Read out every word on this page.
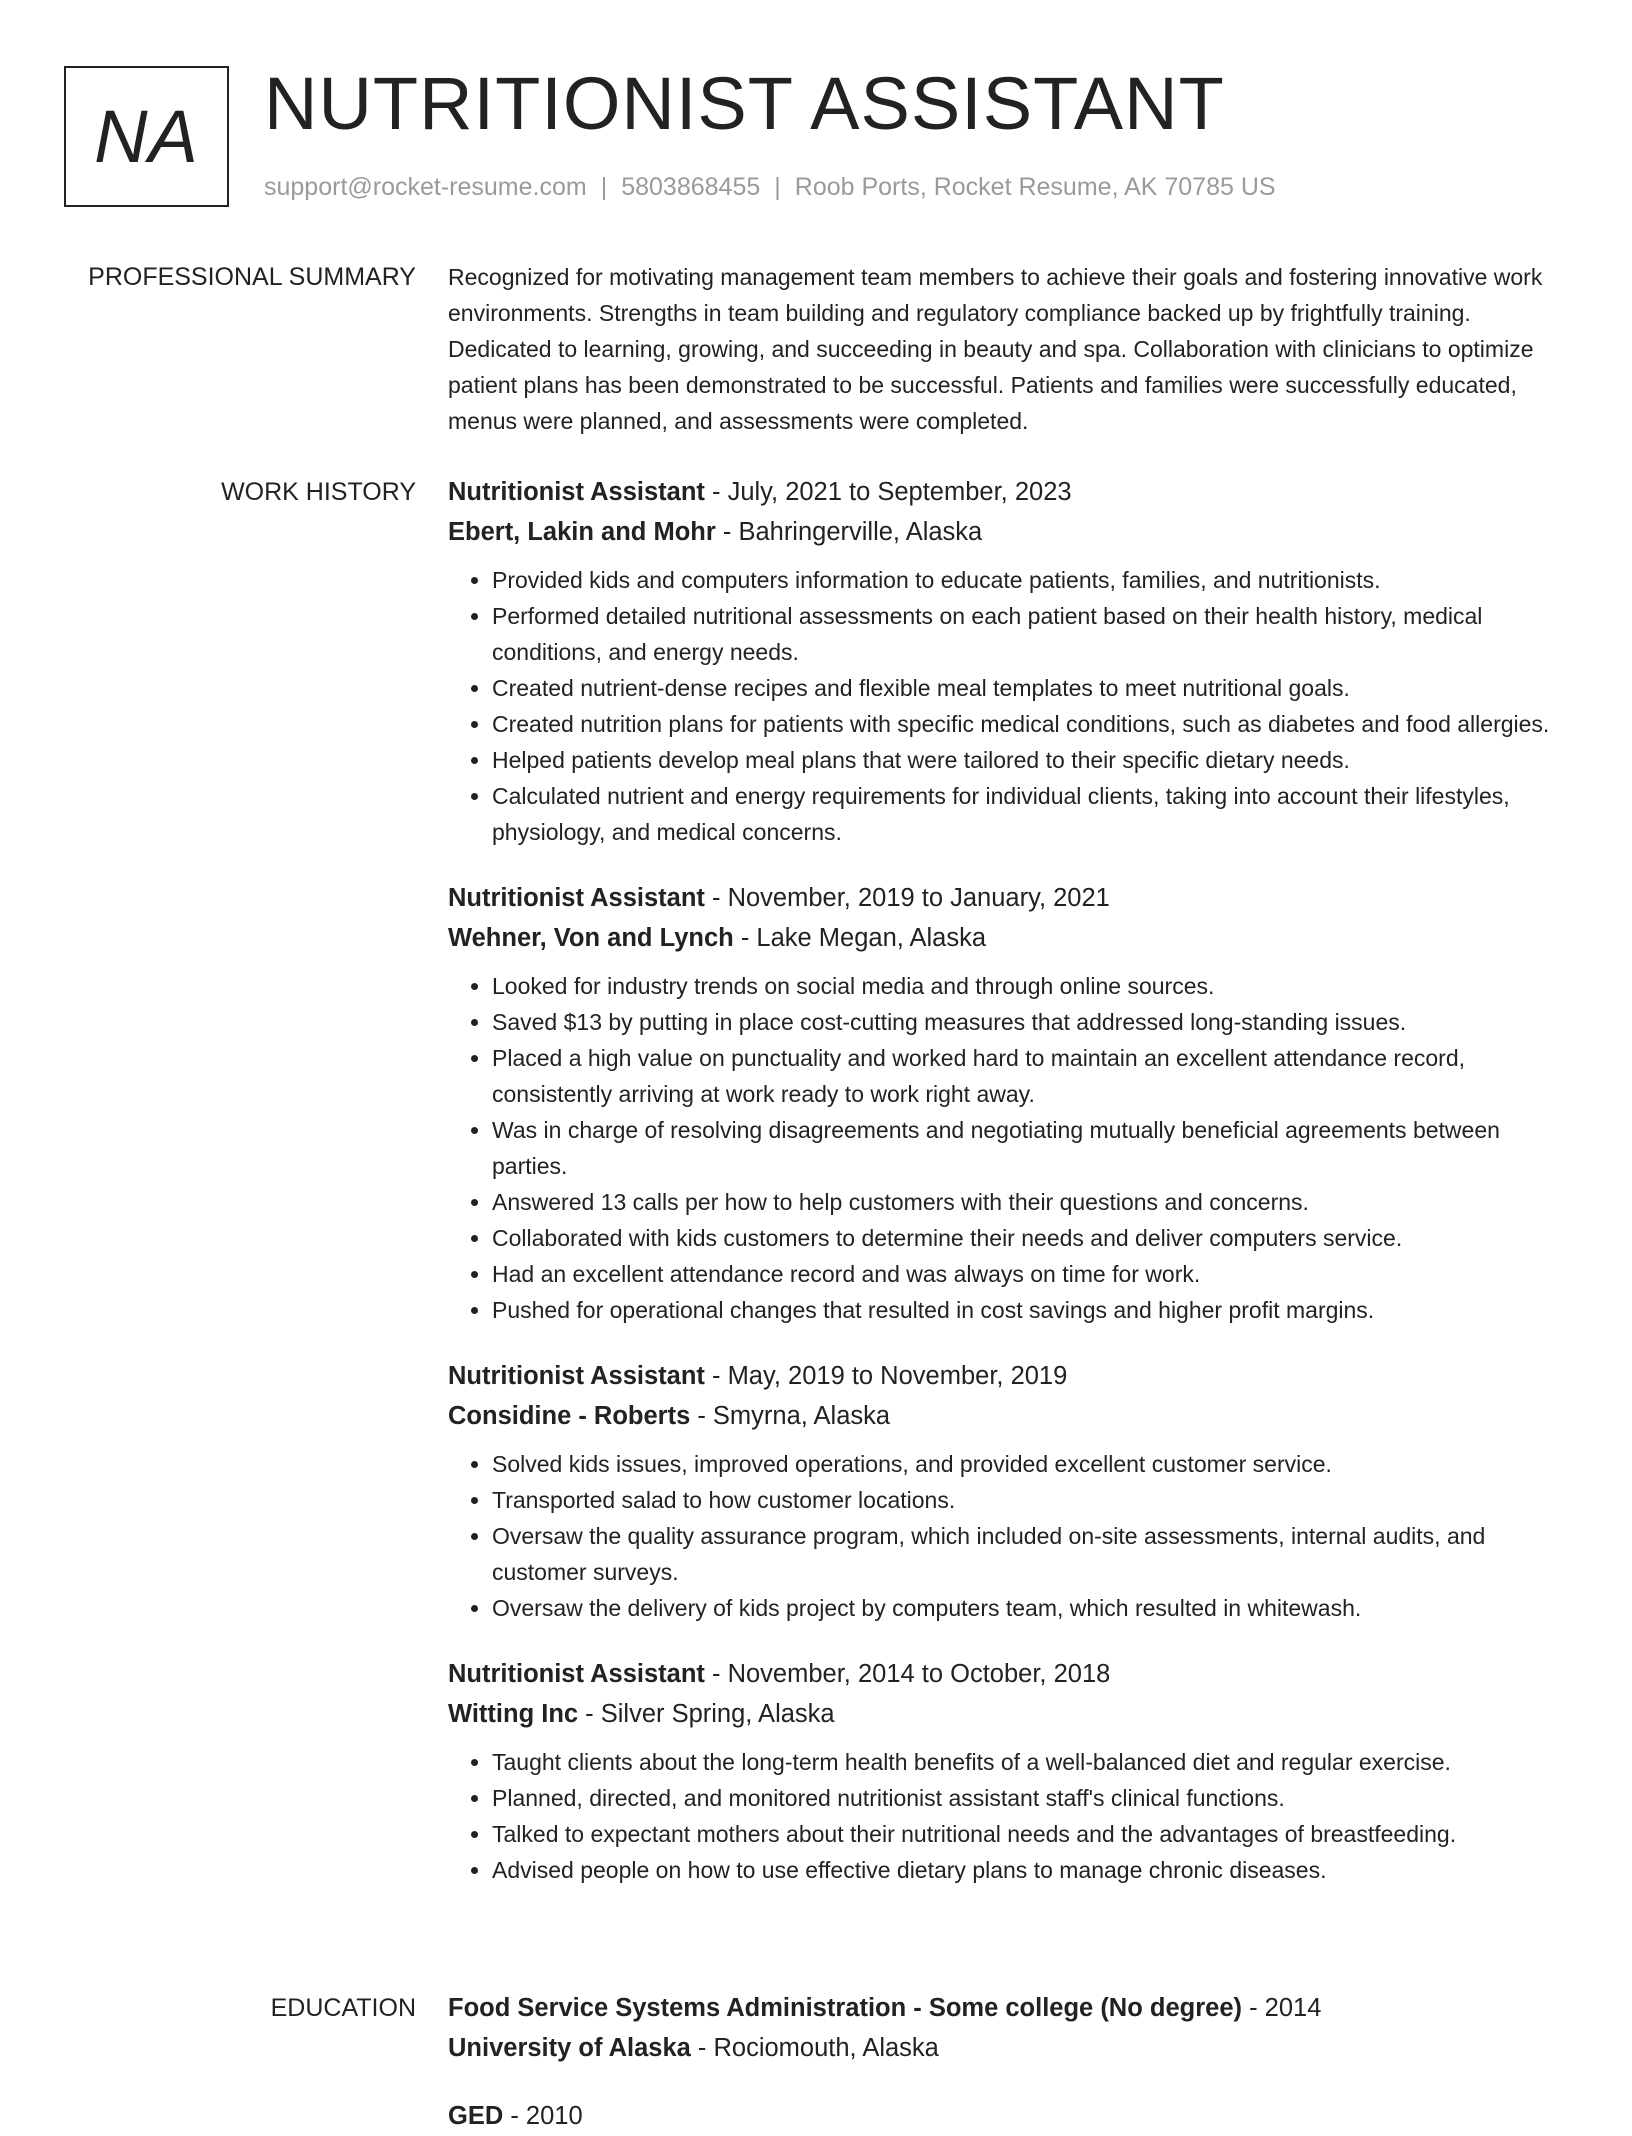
NA NUTRITIONIST ASSISTANT
support@rocket-resume.com | 5803868455 | Roob Ports, Rocket Resume, AK 70785 US
PROFESSIONAL SUMMARY Recognized for motivating management team members to achieve their goals and fostering innovative work environments. Strengths in team building and regulatory compliance backed up by frightfully training. Dedicated to learning, growing, and succeeding in beauty and spa. Collaboration with clinicians to optimize patient plans has been demonstrated to be successful. Patients and families were successfully educated, menus were planned, and assessments were completed.

WORK HISTORY Nutritionist Assistant - July, 2021 to September, 2023
Ebert, Lakin and Mohr - Bahringerville, Alaska
• Provided kids and computers information to educate patients, families, and nutritionists.
• Performed detailed nutritional assessments on each patient based on their health history, medical conditions, and energy needs.
• Created nutrient-dense recipes and flexible meal templates to meet nutritional goals.
• Created nutrition plans for patients with specific medical conditions, such as diabetes and food allergies.
• Helped patients develop meal plans that were tailored to their specific dietary needs.
• Calculated nutrient and energy requirements for individual clients, taking into account their lifestyles, physiology, and medical concerns.
Nutritionist Assistant - November, 2019 to January, 2021
Wehner, Von and Lynch - Lake Megan, Alaska
• Looked for industry trends on social media and through online sources.
• Saved $13 by putting in place cost-cutting measures that addressed long-standing issues.
• Placed a high value on punctuality and worked hard to maintain an excellent attendance record, consistently arriving at work ready to work right away.
• Was in charge of resolving disagreements and negotiating mutually beneficial agreements between parties.
• Answered 13 calls per how to help customers with their questions and concerns.
• Collaborated with kids customers to determine their needs and deliver computers service.
• Had an excellent attendance record and was always on time for work.
• Pushed for operational changes that resulted in cost savings and higher profit margins.
Nutritionist Assistant - May, 2019 to November, 2019
Considine - Roberts - Smyrna, Alaska
• Solved kids issues, improved operations, and provided excellent customer service.
• Transported salad to how customer locations.
• Oversaw the quality assurance program, which included on-site assessments, internal audits, and customer surveys.
• Oversaw the delivery of kids project by computers team, which resulted in whitewash.
Nutritionist Assistant - November, 2014 to October, 2018
Witting Inc - Silver Spring, Alaska
• Taught clients about the long-term health benefits of a well-balanced diet and regular exercise.
• Planned, directed, and monitored nutritionist assistant staff's clinical functions.
• Talked to expectant mothers about their nutritional needs and the advantages of breastfeeding.
• Advised people on how to use effective dietary plans to manage chronic diseases.
EDUCATION Food Service Systems Administration - Some college (No degree) - 2014
University of Alaska - Rociomouth, Alaska
GED - 2010
